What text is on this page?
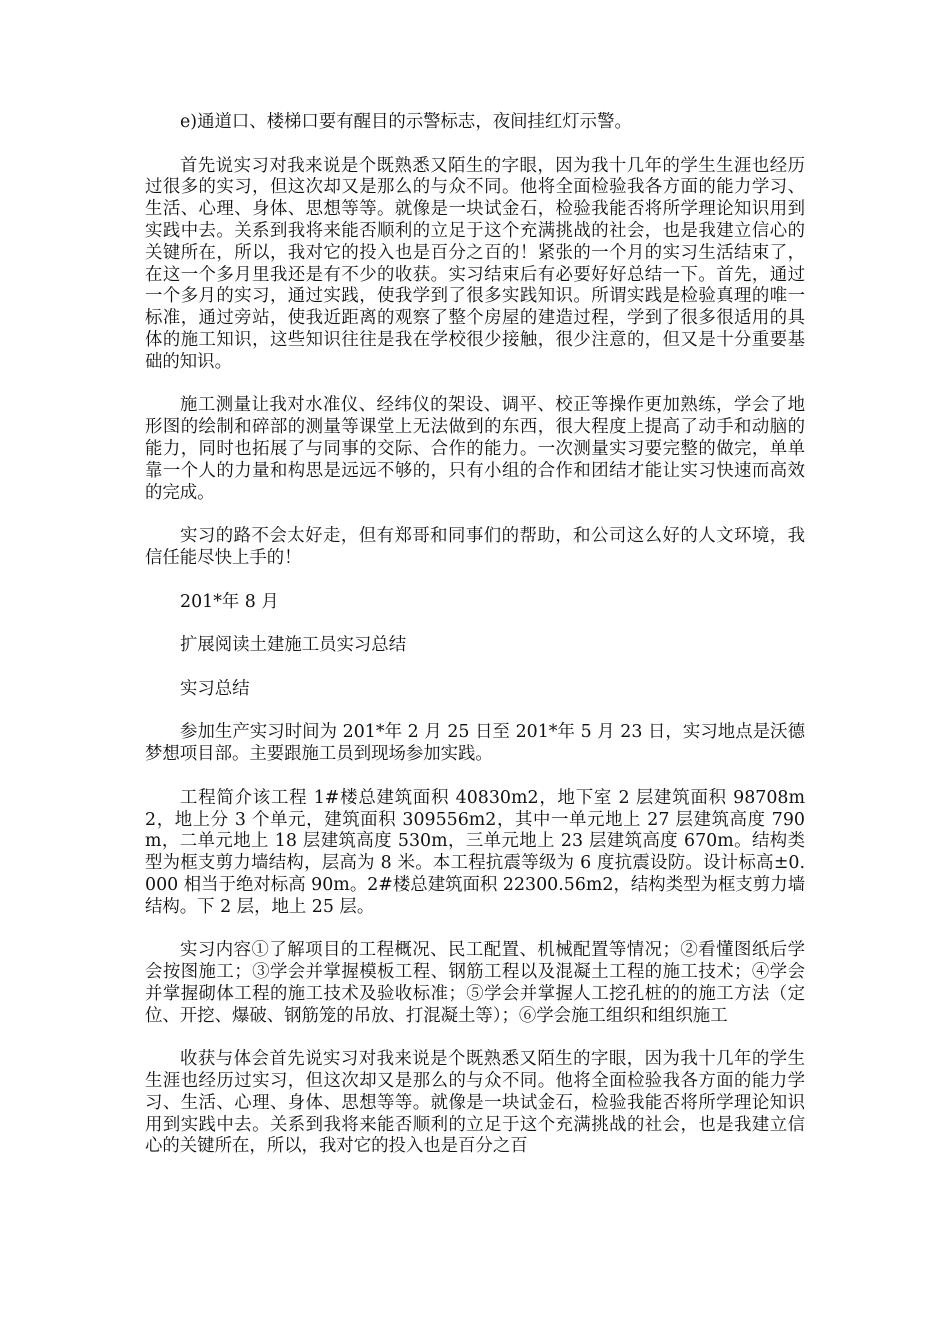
e)通道口、楼梯口要有醒目的示警标志，夜间挂红灯示警。

首先说实习对我来说是个既熟悉又陌生的字眼，因为我十几年的学生生涯也经历过很多的实习，但这次却又是那么的与众不同。他将全面检验我各方面的能力学习、生活、心理、身体、思想等等。就像是一块试金石，检验我能否将所学理论知识用到实践中去。关系到我将来能否顺利的立足于这个充满挑战的社会，也是我建立信心的关键所在，所以，我对它的投入也是百分之百的！紧张的一个月的实习生活结束了，在这一个多月里我还是有不少的收获。实习结束后有必要好好总结一下。首先，通过一个多月的实习，通过实践，使我学到了很多实践知识。所谓实践是检验真理的唯一标准，通过旁站，使我近距离的观察了整个房屋的建造过程，学到了很多很适用的具体的施工知识，这些知识往往是我在学校很少接触，很少注意的，但又是十分重要基础的知识。

施工测量让我对水准仪、经纬仪的架设、调平、校正等操作更加熟练，学会了地形图的绘制和碎部的测量等课堂上无法做到的东西，很大程度上提高了动手和动脑的能力，同时也拓展了与同事的交际、合作的能力。一次测量实习要完整的做完，单单靠一个人的力量和构思是远远不够的，只有小组的合作和团结才能让实习快速而高效的完成。

实习的路不会太好走，但有郑哥和同事们的帮助，和公司这么好的人文环境，我信任能尽快上手的！

201*年 8 月

扩展阅读土建施工员实习总结

实习总结

参加生产实习时间为 201*年 2 月 25 日至 201*年 5 月 23 日，实习地点是沃德梦想项目部。主要跟施工员到现场参加实践。

工程简介该工程 1#楼总建筑面积 40830m2，地下室 2 层建筑面积 98708m2，地上分 3 个单元，建筑面积 309556m2，其中一单元地上 27 层建筑高度 790m，二单元地上 18 层建筑高度 530m，三单元地上 23 层建筑高度 670m。结构类型为框支剪力墙结构，层高为 8 米。本工程抗震等级为 6 度抗震设防。设计标高±0.000 相当于绝对标高 90m。2#楼总建筑面积 22300.56m2，结构类型为框支剪力墙结构。下 2 层，地上 25 层。

实习内容①了解项目的工程概况、民工配置、机械配置等情况；②看懂图纸后学会按图施工；③学会并掌握模板工程、钢筋工程以及混凝土工程的施工技术；④学会并掌握砌体工程的施工技术及验收标准；⑤学会并掌握人工挖孔桩的的施工方法（定位、开挖、爆破、钢筋笼的吊放、打混凝土等）；⑥学会施工组织和组织施工

收获与体会首先说实习对我来说是个既熟悉又陌生的字眼，因为我十几年的学生生涯也经历过实习，但这次却又是那么的与众不同。他将全面检验我各方面的能力学习、生活、心理、身体、思想等等。就像是一块试金石，检验我能否将所学理论知识用到实践中去。关系到我将来能否顺利的立足于这个充满挑战的社会，也是我建立信心的关键所在，所以，我对它的投入也是百分之百
